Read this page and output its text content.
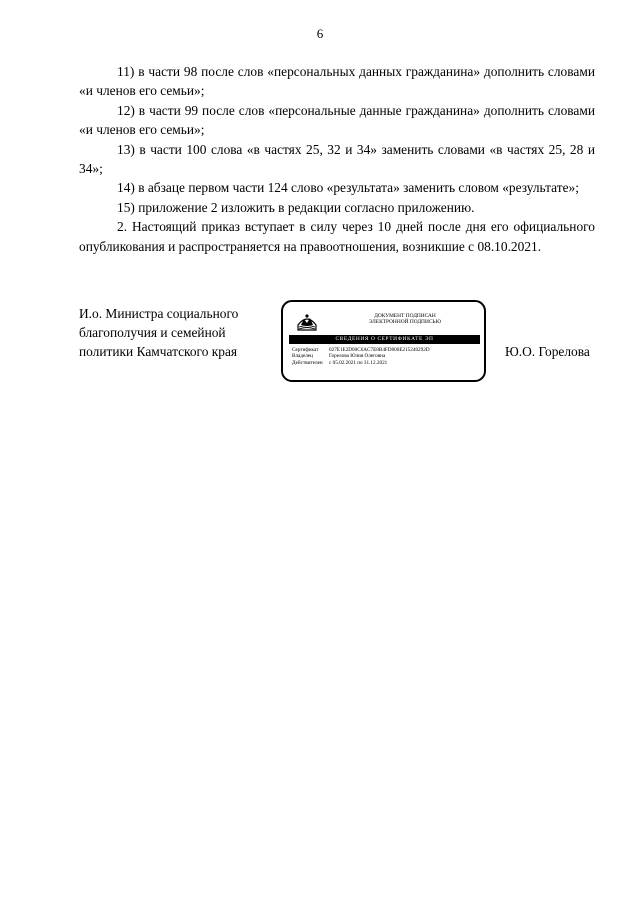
6

11) в части 98 после слов «персональных данных гражданина» дополнить словами «и членов его семьи»;

12) в части 99 после слов «персональные данные гражданина» дополнить словами «и членов его семьи»;

13) в части 100 слова «в частях 25, 32 и 34» заменить словами «в частях 25, 28 и 34»;

14) в абзаце первом части 124 слово «результата» заменить словом «результате»;

15) приложение 2 изложить в редакции согласно приложению.

2. Настоящий приказ вступает в силу через 10 дней после дня его официального опубликования и распространяется на правоотношения, возникшие с 08.10.2021.

И.о. Министра социального
благополучия и семейной
политики Камчатского края
ДОКУМЕНТ ПОДПИСАН
ЭЛЕКТРОННОЙ ПОДПИСЬЮ
СВЕДЕНИЯ О СЕРТИФИКАТЕ ЭП
Сертификат	027E1E2D00C6AC7E8B4FD800E215240292D
Владелец	Горелова Юлия Олеговна
Действителен	с 05.02.2021 по 31.12.2021
Ю.О. Горелова
